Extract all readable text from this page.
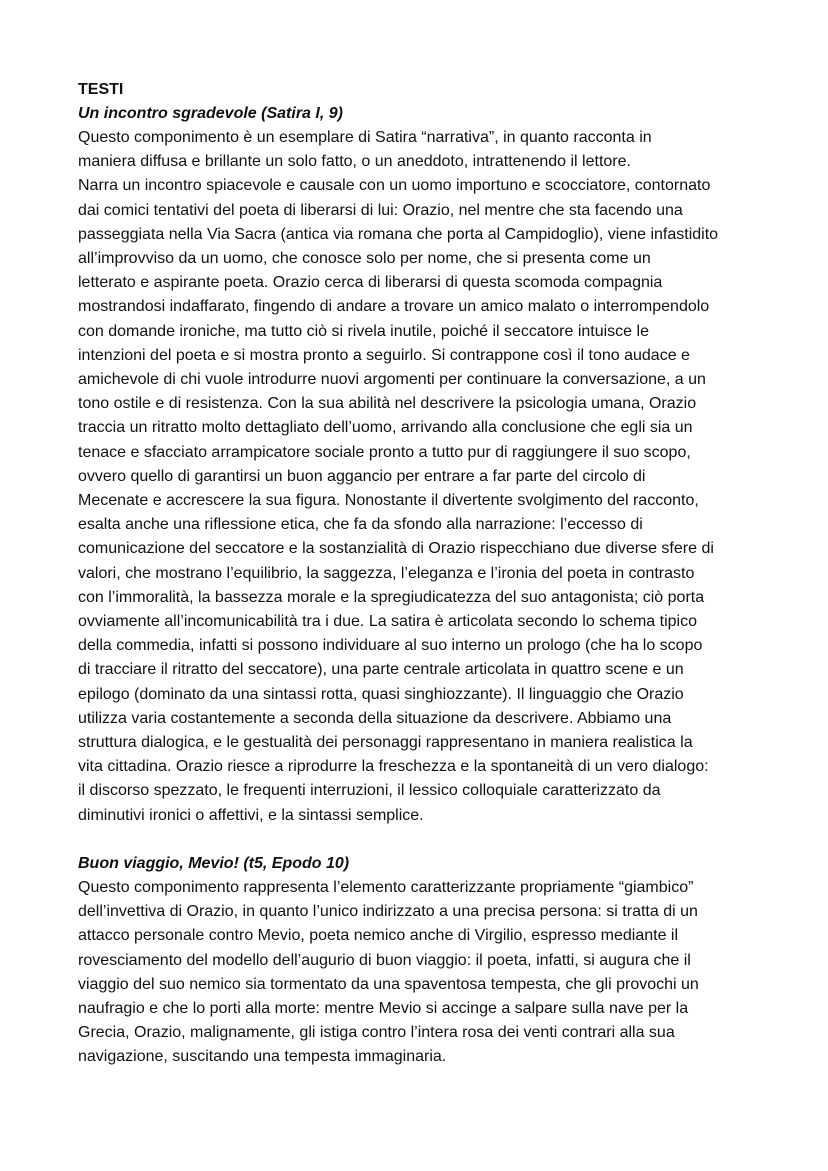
TESTI
Un incontro sgradevole (Satira I, 9)

Questo componimento è un esemplare di Satira “narrativa”, in quanto racconta in
maniera diffusa e brillante un solo fatto, o un aneddoto, intrattenendo il lettore.
Narra un incontro spiacevole e causale con un uomo importuno e scocciatore, contornato
dai comici tentativi del poeta di liberarsi di lui: Orazio, nel mentre che sta facendo una
passeggiata nella Via Sacra (antica via romana che porta al Campidoglio), viene infastidito
all’improvviso da un uomo, che conosce solo per nome, che si presenta come un
letterato e aspirante poeta. Orazio cerca di liberarsi di questa scomoda compagnia
mostrandosi indaffarato, fingendo di andare a trovare un amico malato o interrompendolo
con domande ironiche, ma tutto ciò si rivela inutile, poiché il seccatore intuisce le
intenzioni del poeta e si mostra pronto a seguirlo. Si contrappone così il tono audace e
amichevole di chi vuole introdurre nuovi argomenti per continuare la conversazione, a un
tono ostile e di resistenza. Con la sua abilità nel descrivere la psicologia umana, Orazio
traccia un ritratto molto dettagliato dell’uomo, arrivando alla conclusione che egli sia un
tenace e sfacciato arrampicatore sociale pronto a tutto pur di raggiungere il suo scopo,
ovvero quello di garantirsi un buon aggancio per entrare a far parte del circolo di
Mecenate e accrescere la sua figura. Nonostante il divertente svolgimento del racconto,
esalta anche una riflessione etica, che fa da sfondo alla narrazione: l’eccesso di
comunicazione del seccatore e la sostanzialità di Orazio rispecchiano due diverse sfere di
valori, che mostrano l’equilibrio, la saggezza, l’eleganza e l’ironia del poeta in contrasto
con l’immoralità, la bassezza morale e la spregiudicatezza del suo antagonista; ciò porta
ovviamente all’incomunicabilità tra i due. La satira è articolata secondo lo schema tipico
della commedia, infatti si possono individuare al suo interno un prologo (che ha lo scopo
di tracciare il ritratto del seccatore), una parte centrale articolata in quattro scene e un
epilogo (dominato da una sintassi rotta, quasi singhiozzante). Il linguaggio che Orazio
utilizza varia costantemente a seconda della situazione da descrivere. Abbiamo una
struttura dialogica, e le gestualità dei personaggi rappresentano in maniera realistica la
vita cittadina. Orazio riesce a riprodurre la freschezza e la spontaneità di un vero dialogo:
il discorso spezzato, le frequenti interruzioni, il lessico colloquiale caratterizzato da
diminutivi ironici o affettivi, e la sintassi semplice.

Buon viaggio, Mevio! (t5, Epodo 10)

Questo componimento rappresenta l’elemento caratterizzante propriamente “giambico”
dell’invettiva di Orazio, in quanto l’unico indirizzato a una precisa persona: si tratta di un
attacco personale contro Mevio, poeta nemico anche di Virgilio, espresso mediante il
rovesciamento del modello dell’augurio di buon viaggio: il poeta, infatti, si augura che il
viaggio del suo nemico sia tormentato da una spaventosa tempesta, che gli provochi un
naufragio e che lo porti alla morte: mentre Mevio si accinge a salpare sulla nave per la
Grecia, Orazio, malignamente, gli istiga contro l’intera rosa dei venti contrari alla sua
navigazione, suscitando una tempesta immaginaria.
